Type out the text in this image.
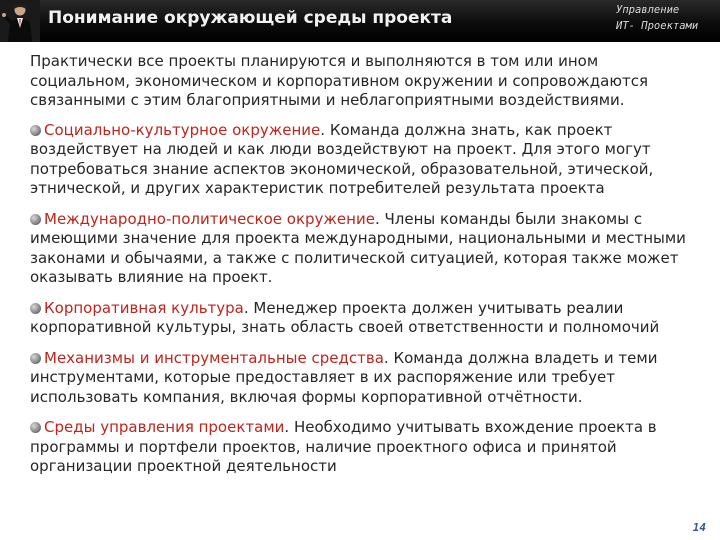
Понимание окружающей среды проекта	Управление
ИТ- Проектами

Практически все проекты планируются и выполняются в том или ином социальном, экономическом и корпоративном окружении и сопровождаются связанными с этим благоприятными и неблагоприятными воздействиями.

Социально-культурное окружение. Команда должна знать, как проект воздействует на людей и как люди воздействуют на проект. Для этого могут потребоваться знание аспектов экономической, образовательной, этической, этнической, и других характеристик потребителей результата проекта

Международно-политическое окружение. Члены команды были знакомы с имеющими значение для проекта международными, национальными и местными законами и обычаями, а также с политической ситуацией, которая также может оказывать влияние на проект.

Корпоративная культура. Менеджер проекта должен учитывать реалии корпоративной культуры, знать область своей ответственности и полномочий

Механизмы и инструментальные средства. Команда должна владеть и теми инструментами, которые предоставляет в их распоряжение или требует использовать компания, включая формы корпоративной отчётности.

Среды управления проектами. Необходимо учитывать вхождение проекта в программы и портфели проектов, наличие проектного офиса и принятой организации проектной деятельности

14
